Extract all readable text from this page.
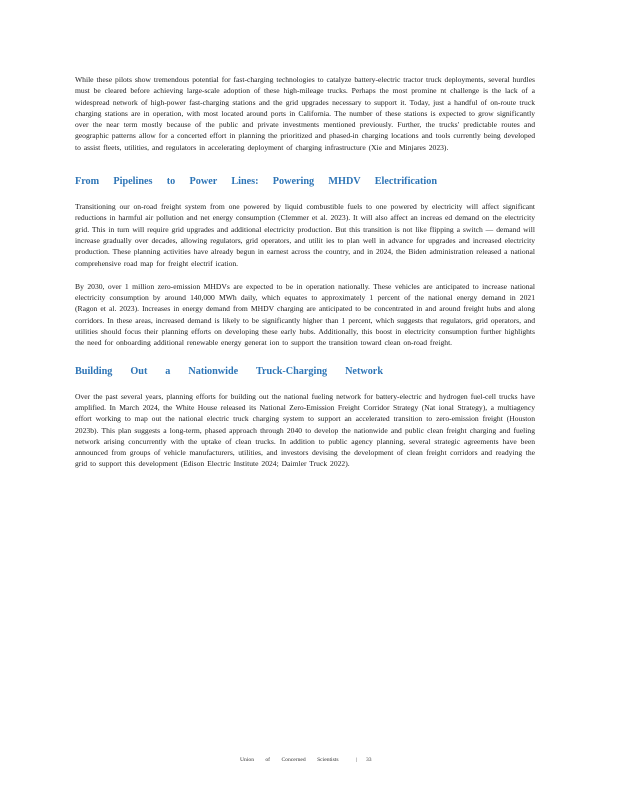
While these pilots show tremendous potential for fast-charging technologies to catalyze battery-electric tractor truck deployments, several hurdles must be cleared before achieving large-scale adoption of these high-mileage trucks. Perhaps the most promine nt challenge is the lack of a widespread network of high-power fast-charging stations and the grid upgrades necessary to support it. Today, just a handful of on-route truck charging stations are in operation, with most located around ports in California. The number of these stations is expected to grow significantly over the near term mostly because of the public and private investments mentioned previously. Further, the trucks' predictable routes and geographic patterns allow for a concerted effort in planning the prioritized and phased-in charging locations and tools currently being developed to assist fleets, utilities, and regulators in accelerating deployment of charging infrastructure (Xie and Minjares 2023).

From Pipelines to Power Lines: Powering MHDV Electrification

Transitioning our on-road freight system from one powered by liquid combustible fuels to one powered by electricity will affect significant reductions in harmful air pollution and net energy consumption (Clemmer et al. 2023). It will also affect an increas ed demand on the electricity grid. This in turn will require grid upgrades and additional electricity production. But this transition is not like flipping a switch — demand will increase gradually over decades, allowing regulators, grid operators, and utilit ies to plan well in advance for upgrades and increased electricity production. These planning activities have already begun in earnest across the country, and in 2024, the Biden administration released a national comprehensive road map for freight electrif ication.

By 2030, over 1 million zero-emission MHDVs are expected to be in operation nationally. These vehicles are anticipated to increase national electricity consumption by around 140,000 MWh daily, which equates to approximately 1 percent of the national energy demand in 2021 (Ragon et al. 2023). Increases in energy demand from MHDV charging are anticipated to be concentrated in and around freight hubs and along corridors. In these areas, increased demand is likely to be significantly higher than 1 percent, which suggests that regulators, grid operators, and utilities should focus their planning efforts on developing these early hubs. Additionally, this boost in electricity consumption further highlights the need for onboarding additional renewable energy generat ion to support the transition toward clean on-road freight.

Building Out a Nationwide Truck-Charging Network

Over the past several years, planning efforts for building out the national fueling network for battery-electric and hydrogen fuel-cell trucks have amplified. In March 2024, the White House released its National Zero-Emission Freight Corridor Strategy (Nat ional Strategy), a multiagency effort working to map out the national electric truck charging system to support an accelerated transition to zero-emission freight (Houston 2023b). This plan suggests a long-term, phased approach through 2040 to develop the nationwide and public clean freight charging and fueling network arising concurrently with the uptake of clean trucks. In addition to public agency planning, several strategic agreements have been announced from groups of vehicle manufacturers, utilities, and investors devising the development of clean freight corridors and readying the grid to support this development (Edison Electric Institute 2024; Daimler Truck 2022).

Union of Concerned Scientists	| 33
